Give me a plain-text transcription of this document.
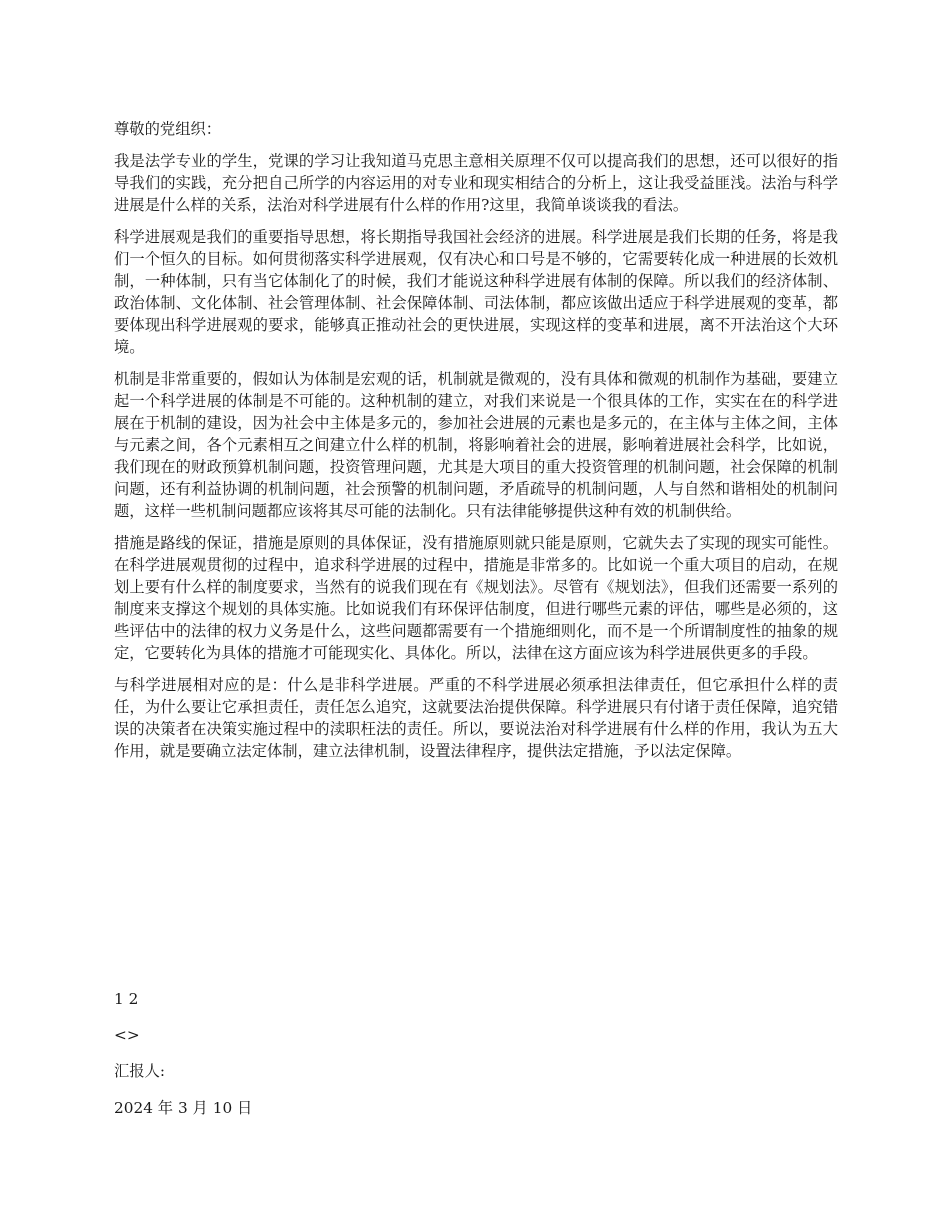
尊敬的党组织：

我是法学专业的学生，党课的学习让我知道马克思主意相关原理不仅可以提高我们的思想，还可以很好的指导我们的实践，充分把自己所学的内容运用的对专业和现实相结合的分析上，这让我受益匪浅。法治与科学进展是什么样的关系，法治对科学进展有什么样的作用?这里，我简单谈谈我的看法。

科学进展观是我们的重要指导思想，将长期指导我国社会经济的进展。科学进展是我们长期的任务，将是我们一个恒久的目标。如何贯彻落实科学进展观，仅有决心和口号是不够的，它需要转化成一种进展的长效机制，一种体制，只有当它体制化了的时候，我们才能说这种科学进展有体制的保障。所以我们的经济体制、政治体制、文化体制、社会管理体制、社会保障体制、司法体制，都应该做出适应于科学进展观的变革，都要体现出科学进展观的要求，能够真正推动社会的更快进展，实现这样的变革和进展，离不开法治这个大环境。

机制是非常重要的，假如认为体制是宏观的话，机制就是微观的，没有具体和微观的机制作为基础，要建立起一个科学进展的体制是不可能的。这种机制的建立，对我们来说是一个很具体的工作，实实在在的科学进展在于机制的建设，因为社会中主体是多元的，参加社会进展的元素也是多元的，在主体与主体之间，主体与元素之间，各个元素相互之间建立什么样的机制，将影响着社会的进展，影响着进展社会科学，比如说，我们现在的财政预算机制问题，投资管理问题，尤其是大项目的重大投资管理的机制问题，社会保障的机制问题，还有利益协调的机制问题，社会预警的机制问题，矛盾疏导的机制问题，人与自然和谐相处的机制问题，这样一些机制问题都应该将其尽可能的法制化。只有法律能够提供这种有效的机制供给。

措施是路线的保证，措施是原则的具体保证，没有措施原则就只能是原则，它就失去了实现的现实可能性。在科学进展观贯彻的过程中，追求科学进展的过程中，措施是非常多的。比如说一个重大项目的启动，在规划上要有什么样的制度要求，当然有的说我们现在有《规划法》。尽管有《规划法》，但我们还需要一系列的制度来支撑这个规划的具体实施。比如说我们有环保评估制度，但进行哪些元素的评估，哪些是必须的，这些评估中的法律的权力义务是什么，这些问题都需要有一个措施细则化，而不是一个所谓制度性的抽象的规定，它要转化为具体的措施才可能现实化、具体化。所以，法律在这方面应该为科学进展供更多的手段。

与科学进展相对应的是：什么是非科学进展。严重的不科学进展必须承担法律责任，但它承担什么样的责任，为什么要让它承担责任，责任怎么追究，这就要法治提供保障。科学进展只有付诸于责任保障，追究错误的决策者在决策实施过程中的渎职枉法的责任。所以，要说法治对科学进展有什么样的作用，我认为五大作用，就是要确立法定体制，建立法律机制，设置法律程序，提供法定措施，予以法定保障。

1 2
<>
汇报人:
2024 年 3 月 10 日
